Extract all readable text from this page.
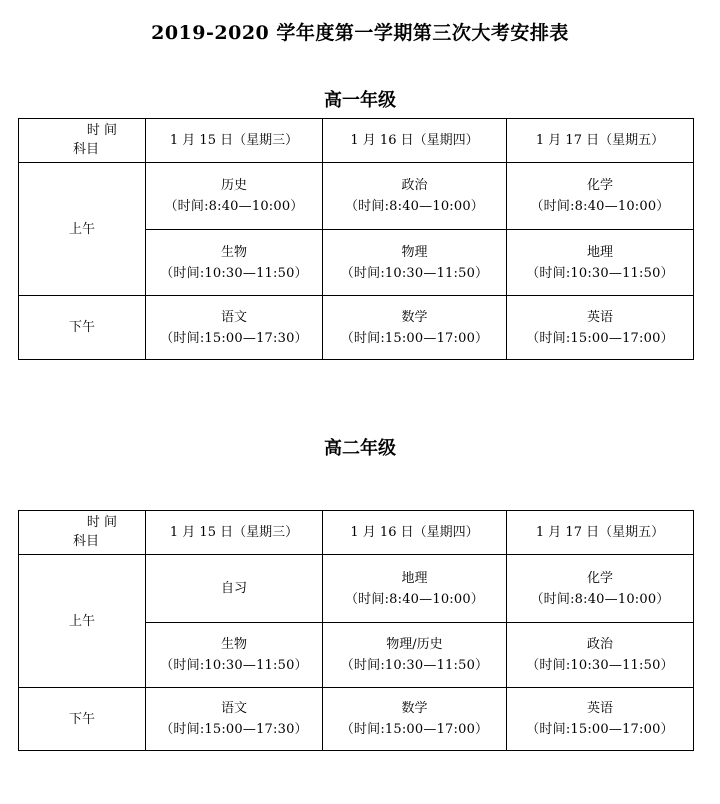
2019-2020 学年度第一学期第三次大考安排表
高一年级
时 间
科目	1 月 15 日（星期三）	1 月 16 日（星期四）	1 月 17 日（星期五）
上午	历史
（时间:8:40—10:00）	政治
（时间:8:40—10:00）	化学
（时间:8:40—10:00）

	生物
（时间:10:30—11:50）	物理
（时间:10:30—11:50）	地理
（时间:10:30—11:50）

下午	语文
（时间:15:00—17:30）	数学
（时间:15:00—17:00）	英语
（时间:15:00—17:00）
高二年级
时 间
科目	1 月 15 日（星期三）	1 月 16 日（星期四）	1 月 17 日（星期五）
上午	自习	地理
（时间:8:40—10:00）	化学
（时间:8:40—10:00）

	生物
（时间:10:30—11:50）	物理/历史
（时间:10:30—11:50）	政治
（时间:10:30—11:50）

下午	语文
（时间:15:00—17:30）	数学
（时间:15:00—17:00）	英语
（时间:15:00—17:00）
